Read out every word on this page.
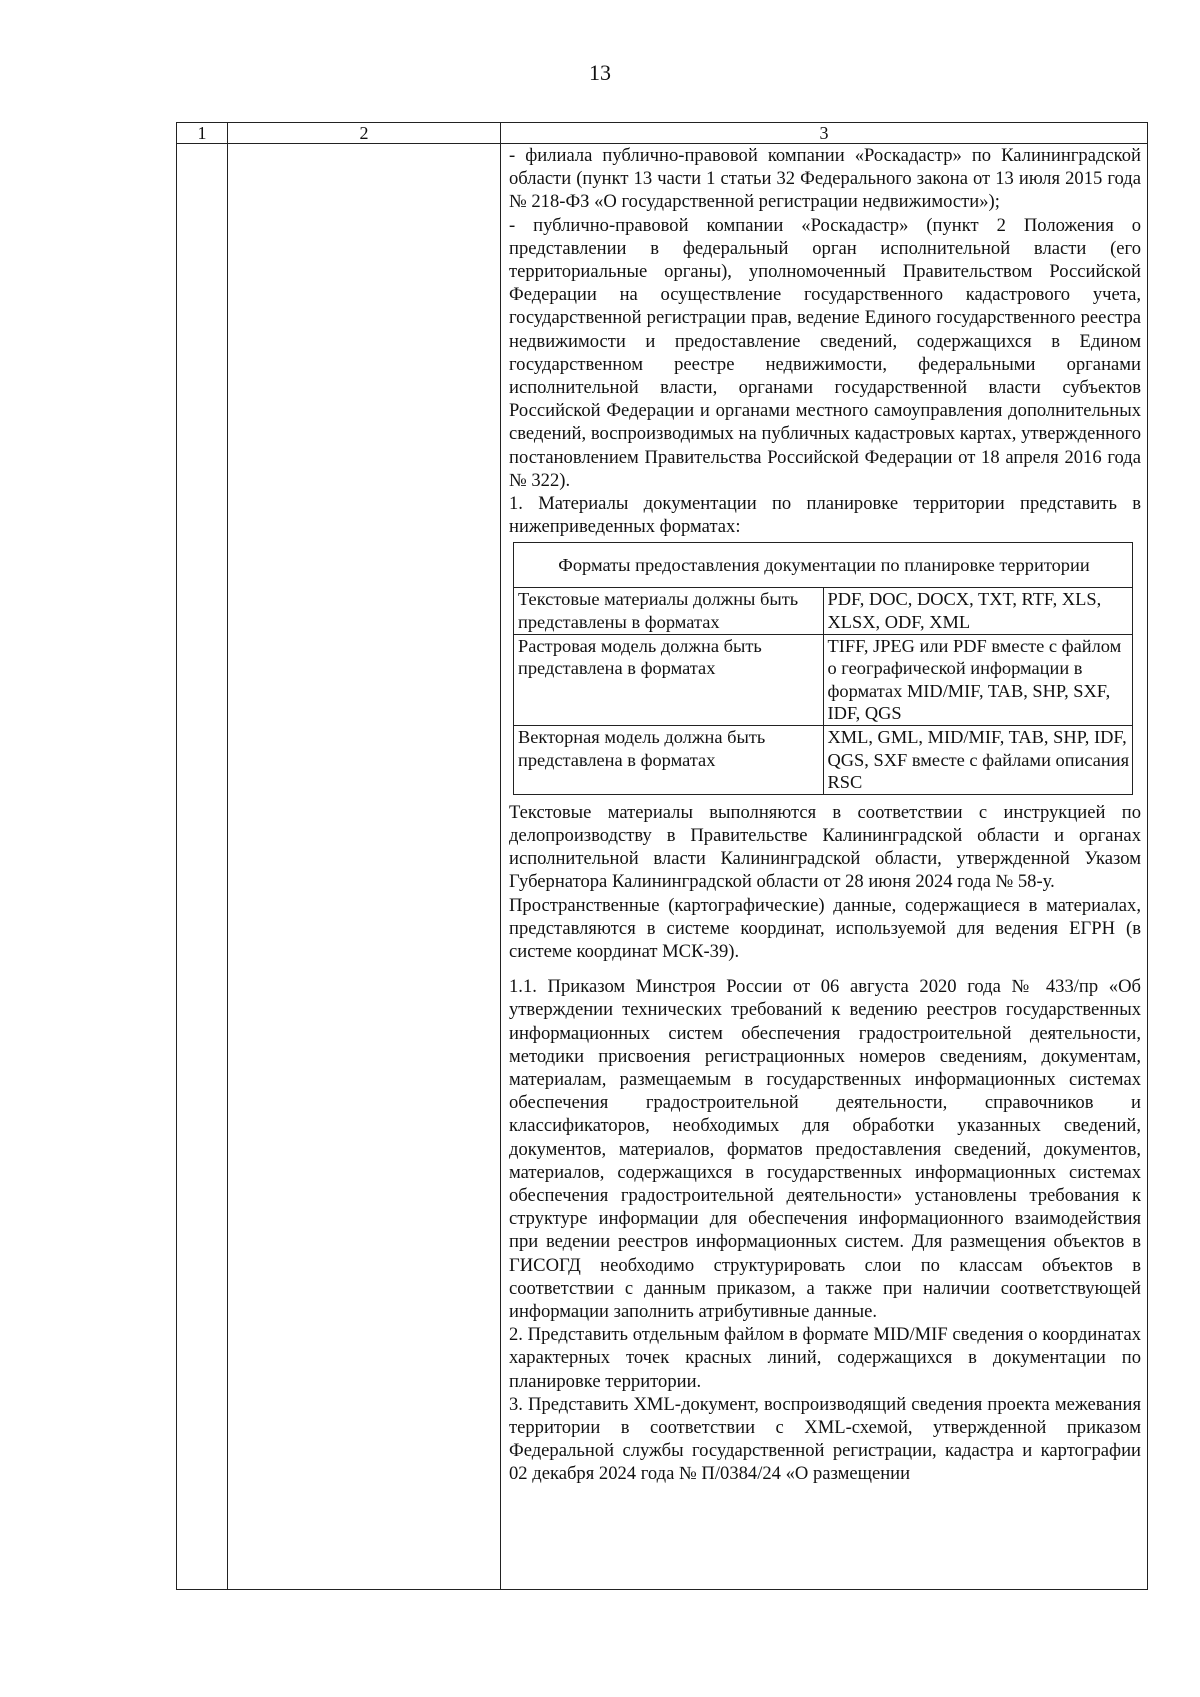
13
1	2	3

- филиала публично-правовой компании «Роскадастр» по Калининградской области (пункт 13 части 1 статьи 32 Федерального закона от 13 июля 2015 года № 218-ФЗ «О государственной регистрации недвижимости»);

- публично-правовой компании «Роскадастр» (пункт 2 Положения о представлении в федеральный орган исполнительной власти (его территориальные органы), уполномоченный Правительством Российской Федерации на осуществление государственного кадастрового учета, государственной регистрации прав, ведение Единого государственного реестра недвижимости и предоставление сведений, содержащихся в Едином государственном реестре недвижимости, федеральными органами исполнительной власти, органами государственной власти субъектов Российской Федерации и органами местного самоуправления дополнительных сведений, воспроизводимых на публичных кадастровых картах, утвержденного постановлением Правительства Российской Федерации от 18 апреля 2016 года № 322).

1. Материалы документации по планировке территории представить в нижеприведенных форматах:

Форматы предоставления документации по планировке территории
Текстовые материалы должны быть представлены в форматах	PDF, DOC, DOCX, TXT, RTF, XLS, XLSX, ODF, XML
Растровая модель должна быть представлена в форматах	TIFF, JPEG или PDF вместе с файлом о географической информации в форматах MID/MIF, TAB, SHP, SXF, IDF, QGS
Векторная модель должна быть представлена в форматах	XML, GML, MID/MIF, TAB, SHP, IDF, QGS, SXF вместе с файлами описания RSC

Текстовые материалы выполняются в соответствии с инструкцией по делопроизводству в Правительстве Калининградской области и органах исполнительной власти Калининградской области, утвержденной Указом Губернатора Калининградской области от 28 июня 2024 года № 58-у.

Пространственные (картографические) данные, содержащиеся в материалах, представляются в системе координат, используемой для ведения ЕГРН (в системе координат МСК-39).

1.1. Приказом Минстроя России от 06 августа 2020 года № 433/пр «Об утверждении технических требований к ведению реестров государственных информационных систем обеспечения градостроительной деятельности, методики присвоения регистрационных номеров сведениям, документам, материалам, размещаемым в государственных информационных системах обеспечения градостроительной деятельности, справочников и классификаторов, необходимых для обработки указанных сведений, документов, материалов, форматов предоставления сведений, документов, материалов, содержащихся в государственных информационных системах обеспечения градостроительной деятельности» установлены требования к структуре информации для обеспечения информационного взаимодействия при ведении реестров информационных систем. Для размещения объектов в ГИСОГД необходимо структурировать слои по классам объектов в соответствии с данным приказом, а также при наличии соответствующей информации заполнить атрибутивные данные.

2. Представить отдельным файлом в формате MID/MIF сведения о координатах характерных точек красных линий, содержащихся в документации по планировке территории.

3. Представить XML-документ, воспроизводящий сведения проекта межевания территории в соответствии с XML-схемой, утвержденной приказом Федеральной службы государственной регистрации, кадастра и картографии 02 декабря 2024 года № П/0384/24 «О размещении
